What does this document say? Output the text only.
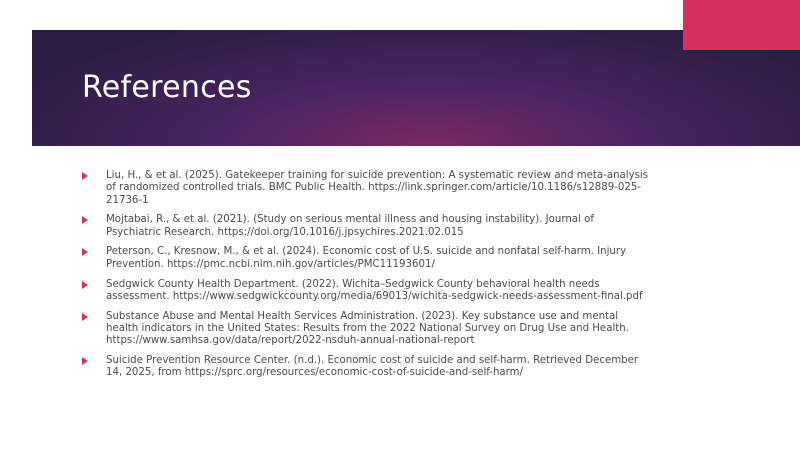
References
Liu, H., & et al. (2025). Gatekeeper training for suicide prevention: A systematic review and meta-analysis of randomized controlled trials. BMC Public Health. https://link.springer.com/article/10.1186/s12889-025-21736-1
Mojtabai, R., & et al. (2021). (Study on serious mental illness and housing instability). Journal of Psychiatric Research. https://doi.org/10.1016/j.jpsychires.2021.02.015
Peterson, C., Kresnow, M., & et al. (2024). Economic cost of U.S. suicide and nonfatal self-harm. Injury Prevention. https://pmc.ncbi.nlm.nih.gov/articles/PMC11193601/
Sedgwick County Health Department. (2022). Wichita–Sedgwick County behavioral health needs assessment. https://www.sedgwickcounty.org/media/69013/wichita-sedgwick-needs-assessment-final.pdf
Substance Abuse and Mental Health Services Administration. (2023). Key substance use and mental health indicators in the United States: Results from the 2022 National Survey on Drug Use and Health. https://www.samhsa.gov/data/report/2022-nsduh-annual-national-report
Suicide Prevention Resource Center. (n.d.). Economic cost of suicide and self-harm. Retrieved December 14, 2025, from https://sprc.org/resources/economic-cost-of-suicide-and-self-harm/
